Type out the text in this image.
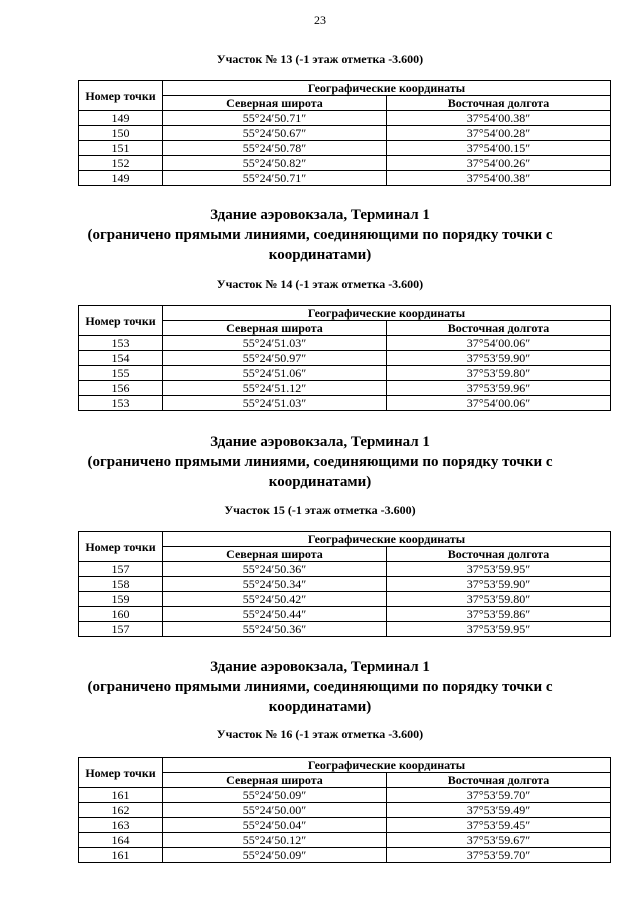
23

Участок № 13 (-1 этаж отметка -3.600)

Номер точки	Географические координаты	
	Северная широта	Восточная долгота
149	55°24′50.71″	37°54′00.38″
150	55°24′50.67″	37°54′00.28″
151	55°24′50.78″	37°54′00.15″
152	55°24′50.82″	37°54′00.26″
149	55°24′50.71″	37°54′00.38″

Здание аэровокзала, Терминал 1

(ограничено прямыми линиями, соединяющими по порядку точки с

координатами)

Участок № 14 (-1 этаж отметка -3.600)

Номер точки	Географические координаты	
	Северная широта	Восточная долгота
153	55°24′51.03″	37°54′00.06″
154	55°24′50.97″	37°53′59.90″
155	55°24′51.06″	37°53′59.80″
156	55°24′51.12″	37°53′59.96″
153	55°24′51.03″	37°54′00.06″

Здание аэровокзала, Терминал 1

(ограничено прямыми линиями, соединяющими по порядку точки с

координатами)

Участок 15 (-1 этаж отметка -3.600)

Номер точки	Географические координаты	
	Северная широта	Восточная долгота
157	55°24′50.36″	37°53′59.95″
158	55°24′50.34″	37°53′59.90″
159	55°24′50.42″	37°53′59.80″
160	55°24′50.44″	37°53′59.86″
157	55°24′50.36″	37°53′59.95″

Здание аэровокзала, Терминал 1

(ограничено прямыми линиями, соединяющими по порядку точки с

координатами)

Участок № 16 (-1 этаж отметка -3.600)

Номер точки	Географические координаты	
	Северная широта	Восточная долгота
161	55°24′50.09″	37°53′59.70″
162	55°24′50.00″	37°53′59.49″
163	55°24′50.04″	37°53′59.45″
164	55°24′50.12″	37°53′59.67″
161	55°24′50.09″	37°53′59.70″
